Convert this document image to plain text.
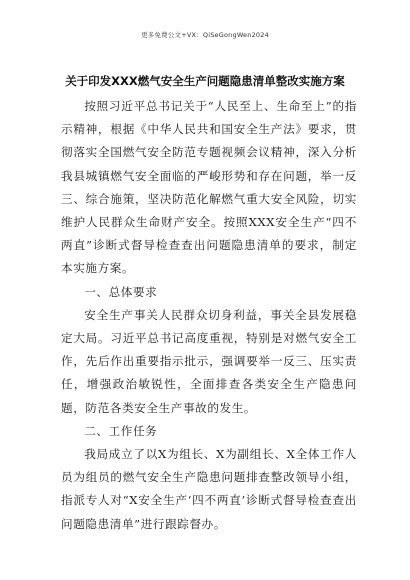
更多免费公文+VX：QiSeGongWen2024
关于印发XXX燃气安全生产问题隐患清单整改实施方案

按照习近平总书记关于“人民至上、生命至上”的指示精神，根据《中华人民共和国安全生产法》要求，贯彻落实全国燃气安全防范专题视频会议精神，深入分析我县城镇燃气安全面临的严峻形势和存在问题，举一反三、综合施策，坚决防范化解燃气重大安全风险，切实维护人民群众生命财产安全。按照XXX安全生产“四不两直”诊断式督导检查查出问题隐患清单的要求，制定本实施方案。

一、总体要求

安全生产事关人民群众切身利益，事关全县发展稳定大局。习近平总书记高度重视，特别是对燃气安全工作，先后作出重要指示批示，强调要举一反三、压实责任，增强政治敏锐性，全面排查各类安全生产隐患问题，防范各类安全生产事故的发生。

二、工作任务

我局成立了以X为组长、X为副组长、X全体工作人员为组员的燃气安全生产隐患问题排查整改领导小组，指派专人对“X安全生产‘四不两直’诊断式督导检查查出问题隐患清单”进行跟踪督办。
